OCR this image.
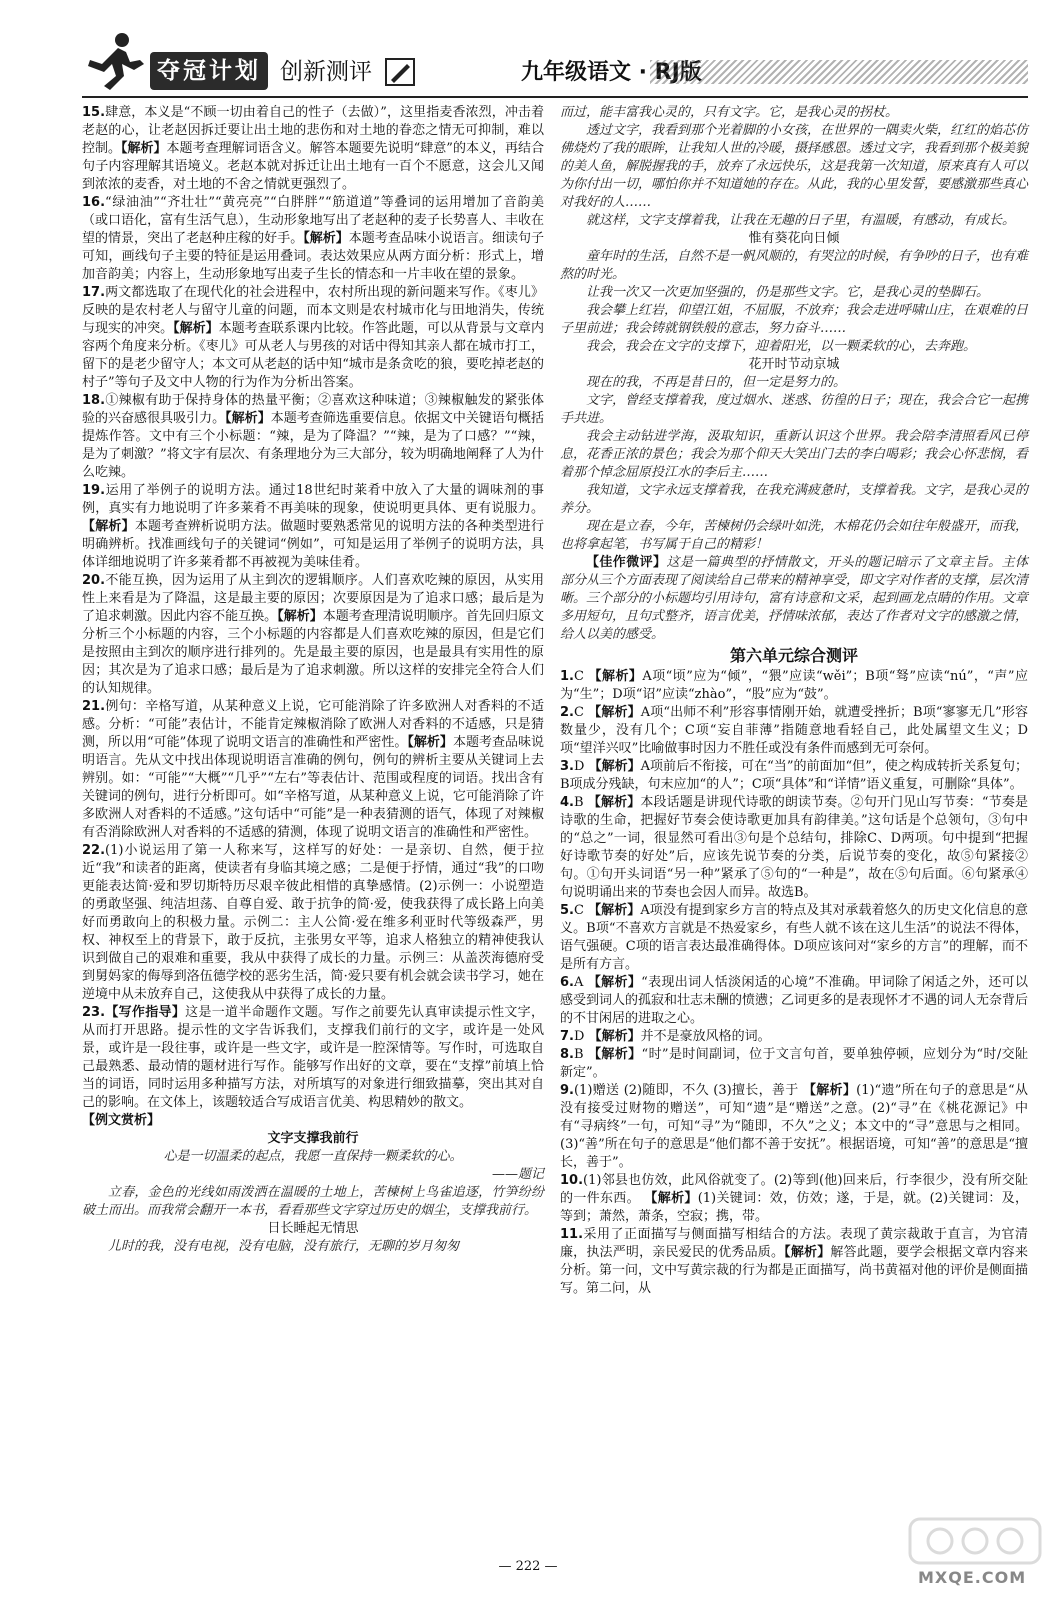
夺冠计划 创新测评	九年级语文 · RJ版

15.肆意，本义是“不顾一切由着自己的性子（去做）”，这里指麦香浓烈，冲击着老赵的心，让老赵因拆迁要让出土地的悲伤和对土地的眷恋之情无可抑制，难以控制。【解析】本题考查理解词语含义。解答本题要先说明“肆意”的本义，再结合句子内容理解其语境义。老赵本就对拆迁让出土地有一百个不愿意，这会儿又闻到浓浓的麦香，对土地的不舍之情就更强烈了。

16.“绿油油”“齐壮壮”“黄亮亮”“白胖胖”“筋道道”等叠词的运用增加了音韵美（或口语化，富有生活气息），生动形象地写出了老赵种的麦子长势喜人、丰收在望的情景，突出了老赵种庄稼的好手。【解析】本题考查品味小说语言。细读句子可知，画线句子主要的特征是运用叠词。表达效果应从两方面分析：形式上，增加音韵美；内容上，生动形象地写出麦子生长的情态和一片丰收在望的景象。

17.两文都选取了在现代化的社会进程中，农村所出现的新问题来写作。《枣儿》反映的是农村老人与留守儿童的问题，而本文则是农村城市化与田地消失，传统与现实的冲突。【解析】本题考查联系课内比较。作答此题，可以从背景与文章内容两个角度来分析。《枣儿》可从老人与男孩的对话中得知其亲人都在城市打工，留下的是老少留守人；本文可从老赵的话中知“城市是条贪吃的狼，要吃掉老赵的村子”等句子及文中人物的行为作为分析出答案。

18.①辣椒有助于保持身体的热量平衡；②喜欢这种味道；③辣椒触发的紧张体验的兴奋感很具吸引力。【解析】本题考查筛选重要信息。依据文中关键语句概括提炼作答。文中有三个小标题：“辣，是为了降温？”“辣，是为了口感？”“辣，是为了刺激？”将文字有层次、有条理地分为三大部分，较为明确地阐释了人为什么吃辣。

19.运用了举例子的说明方法。通过18世纪时莱肴中放入了大量的调味剂的事例，真实有力地说明了许多莱肴不再美味的现象，使说明更具体、更有说服力。【解析】本题考查辨析说明方法。做题时要熟悉常见的说明方法的各种类型进行明确辨析。找准画线句子的关键词“例如”，可知是运用了举例子的说明方法，具体详细地说明了许多莱肴都不再被视为美味佳肴。

20.不能互换，因为运用了从主到次的逻辑顺序。人们喜欢吃辣的原因，从实用性上来看是为了降温，这是最主要的原因；次要原因是为了追求口感；最后是为了追求刺激。因此内容不能互换。【解析】本题考查理清说明顺序。首先回归原文分析三个小标题的内容，三个小标题的内容都是人们喜欢吃辣的原因，但是它们是按照由主到次的顺序进行排列的。先是最主要的原因，也是最具有实用性的原因；其次是为了追求口感；最后是为了追求刺激。所以这样的安排完全符合人们的认知规律。

21.例句：辛格写道，从某种意义上说，它可能消除了许多欧洲人对香料的不适感。分析：“可能”表估计，不能肯定辣椒消除了欧洲人对香料的不适感，只是猜测，所以用“可能”体现了说明文语言的准确性和严密性。【解析】本题考查品味说明语言。先从文中找出体现说明语言准确的例句，例句的辨析主要从关键词上去辨别。如：“可能”“大概”“几乎”“左右”等表估计、范围或程度的词语。找出含有关键词的例句，进行分析即可。如“辛格写道，从某种意义上说，它可能消除了许多欧洲人对香料的不适感。”这句话中“可能”是一种表猜测的语气，体现了对辣椒有否消除欧洲人对香料的不适感的猜测，体现了说明文语言的准确性和严密性。

22.(1)小说运用了第一人称来写，这样写的好处：一是亲切、自然，便于拉近“我”和读者的距离，使读者有身临其境之感；二是便于抒情，通过“我”的口吻更能表达简·爱和罗切斯特历尽艰辛彼此相惜的真挚感情。(2)示例一：小说塑造的勇敢坚强、纯洁坦荡、自尊自爱、敢于抗争的简·爱，使我获得了成长路上向美好而勇敢向上的积极力量。示例二：主人公简·爱在维多利亚时代等级森严，男权、神权至上的背景下，敢于反抗，主张男女平等，追求人格独立的精神使我认识到做自己的艰难和重要，我从中获得了成长的力量。示例三：从盖茨海德府受到舅妈家的侮辱到洛伍德学校的恶劣生活，简·爱只要有机会就会读书学习，她在逆境中从未放弃自己，这使我从中获得了成长的力量。

23.【写作指导】这是一道半命题作文题。写作之前要先认真审读提示性文字，从而打开思路。提示性的文字告诉我们，支撑我们前行的文字，或许是一处风景，或许是一段往事，或许是一些文字，或许是一腔深情等。写作时，可选取自己最熟悉、最动情的题材进行写作。能够写作出好的文章，要在“支撑”前填上恰当的词语，同时运用多种描写方法，对所填写的对象进行细致描摹，突出其对自己的影响。在文体上，该题较适合写成语言优美、构思精妙的散文。

【例文赏析】

文字支撑我前行

心是一切温柔的起点，我愿一直保持一颗柔软的心。

——题记

立春，金色的光线如雨泼洒在温暖的土地上，苦楝树上鸟雀追逐，竹笋纷纷破土而出。而我常会翻开一本书，看看那些文字穿过历史的烟尘，支撑我前行。

日长睡起无情思

儿时的我，没有电视，没有电脑，没有旅行，无聊的岁月匆匆

而过，能丰富我心灵的，只有文字。它，是我心灵的拐杖。

透过文字，我看到那个光着脚的小女孩，在世界的一隅卖火柴，红红的焰芯仿佛烧灼了我的眼眸，让我知人世的冷暖，摄择感恩。透过文字，我看到那个极美貌的美人鱼，解脱握我的手，放弃了永远快乐，这是我第一次知道，原来真有人可以为你付出一切，哪怕你并不知道她的存在。从此，我的心里发誓，要感激那些真心对我好的人……

就这样，文字支撑着我，让我在无趣的日子里，有温暖，有感动，有成长。

惟有葵花向日倾

童年时的生活，自然不是一帆风顺的，有哭泣的时候，有争吵的日子，也有难熬的时光。

让我一次又一次更加坚强的，仍是那些文字。它，是我心灵的垫脚石。

我会攀上红岩，仰望江姐，不屈服，不放弃；我会走进呼啸山庄，在艰难的日子里前进；我会铸就钢铁般的意志，努力奋斗……

我会，我会在文字的支撑下，迎着阳光，以一颗柔软的心，去奔跑。

花开时节动京城

现在的我，不再是昔日的，但一定是努力的。

文字，曾经支撑着我，度过烟水、迷惑、彷徨的日子；现在，我会合它一起携手共进。

我会主动钻进学海，汲取知识，重新认识这个世界。我会陪李清照看风已停息，花香正浓的景色；我会为那个仰天大笑出门去的李白喝彩；我会心怀悲悯，看着那个悼念屈原投江水的李后主……

我知道，文字永远支撑着我，在我充满疲惫时，支撑着我。文字，是我心灵的养分。

现在是立春，今年，苦楝树仍会绿叶如洗，木棉花仍会如往年般盛开，而我，也将拿起笔，书写属于自己的精彩！

【佳作微评】这是一篇典型的抒情散文，开头的题记暗示了文章主旨。主体部分从三个方面表现了阅读给自己带来的精神享受，即文字对作者的支撑，层次清晰。三个部分的小标题均引用诗句，富有诗意和文采，起到画龙点睛的作用。文章多用短句，且句式整齐，语言优美，抒情味浓郁，表达了作者对文字的感激之情，给人以美的感受。

第六单元综合测评

1.C 【解析】A项“顷”应为“倾”，“猥”应读“wěi”；B项“驽”应读“nú”，“声”应为“生”；D项“诏”应读“zhào”，“股”应为“鼓”。

2.C 【解析】A项“出师不利”形容事情刚开始，就遭受挫折；B项“寥寥无几”形容数量少，没有几个；C项“妄自菲薄”指随意地看轻自己，此处属望文生义；D项“望洋兴叹”比喻做事时因力不胜任或没有条件而感到无可奈何。

3.D 【解析】A项前后不衔接，可在“当”的前面加“但”，使之构成转折关系复句；B项成分残缺，句末应加“的人”；C项“具体”和“详情”语义重复，可删除“具体”。

4.B 【解析】本段话题是讲现代诗歌的朗读节奏。②句开门见山写节奏：“节奏是诗歌的生命，把握好节奏会使诗歌更加具有韵律美。”这句话是个总领句，③句中的“总之”一词，很显然可看出③句是个总结句，排除C、D两项。句中提到“把握好诗歌节奏的好处”后，应该先说节奏的分类，后说节奏的变化，故⑤句紧接②句。①句开头词语“另一种”紧承了⑤句的“一种是”，故在⑤句后面。⑥句紧承④句说明诵出来的节奏也会因人而异。故选B。

5.C 【解析】A项没有提到家乡方言的特点及其对承载着悠久的历史文化信息的意义。B项“不喜欢方言就是不热爱家乡，有些人就不该在这儿生活”的说法不得体，语气强硬。C项的语言表达最准确得体。D项应该问对“家乡的方言”的理解，而不是所有方言。

6.A 【解析】“表现出词人恬淡闲适的心境”不准确。甲词除了闲适之外，还可以感受到词人的孤寂和壮志未酬的愤懑；乙词更多的是表现怀才不遇的词人无奈背后的不甘闲居的进取之心。

7.D 【解析】并不是豪放风格的词。

8.B 【解析】“时”是时间副词，位于文言句首，要单独停顿，应划分为“时/交阯新定”。

9.(1)赠送 (2)随即，不久 (3)擅长，善于 【解析】(1)“遗”所在句子的意思是“从没有接受过财物的赠送”，可知“遗”是“赠送”之意。(2)“寻”在《桃花源记》中有“寻病终”一句，可知“寻”为“随即，不久”之义；本文中的“寻”意思与之相同。(3)“善”所在句子的意思是“他们都不善于安抚”。根据语境，可知“善”的意思是“擅长，善于”。

10.(1)邻县也仿效，此风俗就变了。(2)等到(他)回来后，行李很少，没有所交阯的一件东西。 【解析】(1)关键词：效，仿效；遂，于是，就。(2)关键词：及，等到；萧然，萧条，空寂；携，带。

11.采用了正面描写与侧面描写相结合的方法。表现了黄宗裁敢于直言，为官清廉，执法严明，亲民爱民的优秀品质。【解析】解答此题，要学会根据文章内容来分析。第一问，文中写黄宗裁的行为都是正面描写，尚书黄福对他的评价是侧面描写。第二问，从

— 222 —
MXQE.COM
